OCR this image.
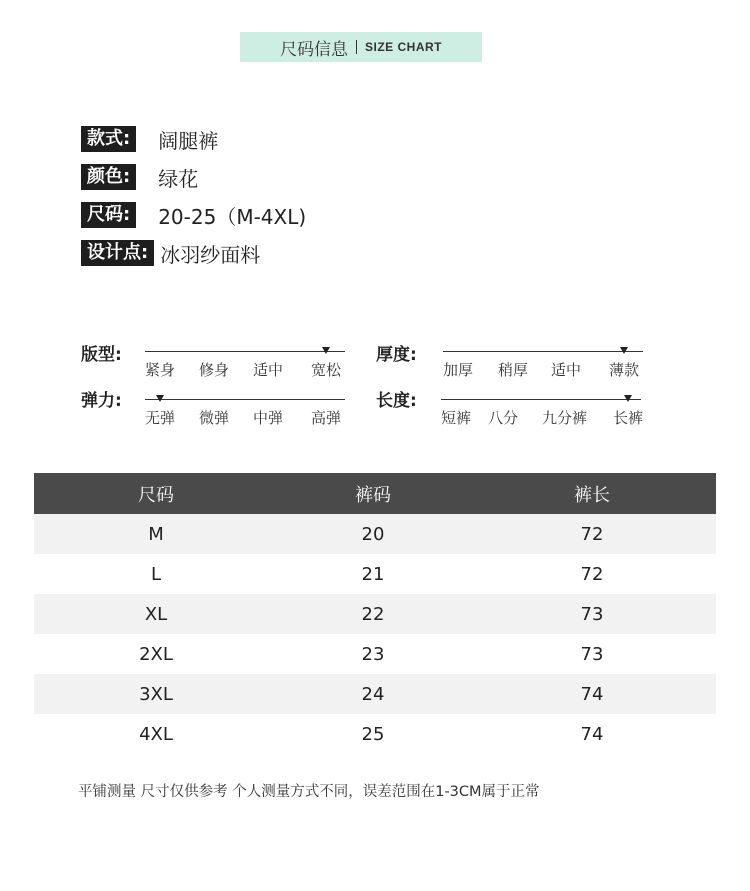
尺码信息 SIZE CHART
款式:	阔腿裤
颜色:	绿花
尺码:	20-25（M-4XL)
设计点: 冰羽纱面料
版型:
紧身 修身 适中 宽松
厚度:
加厚 稍厚 适中 薄款
弹力:
无弹 微弹 中弹 高弹
长度:
短裤 八分 九分裤 长裤
尺码	裤码	裤长
M	20	72
L	21	72
XL	22	73
2XL	23	73
3XL	24	74
4XL	25	74
平铺测量 尺寸仅供参考 个人测量方式不同，误差范围在1-3CM属于正常
